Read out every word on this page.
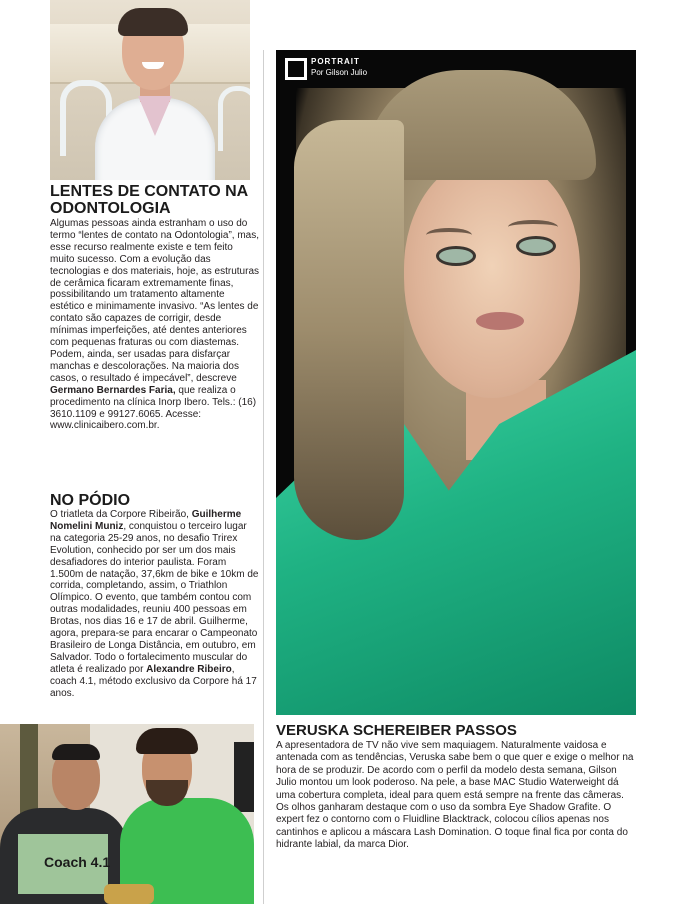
LENTES DE CONTATO NA ODONTOLOGIA

Algumas pessoas ainda estranham o uso do termo “lentes de contato na Odontologia”, mas, esse recurso realmente existe e tem feito muito sucesso. Com a evolução das tecnologias e dos materiais, hoje, as estruturas de cerâmica ficaram extremamente finas, possibilitando um tratamento altamente estético e minimamente invasivo. “As lentes de contato são capazes de corrigir, desde mínimas imperfeições, até dentes anteriores com pequenas fraturas ou com diastemas. Podem, ainda, ser usadas para disfarçar manchas e descolorações. Na maioria dos casos, o resultado é impecável”, descreve Germano Bernardes Faria, que realiza o procedimento na clínica Inorp Ibero. Tels.: (16) 3610.1109 e 99127.6065. Acesse: www.clinicaibero.com.br.

NO PÓDIO

O triatleta da Corpore Ribeirão, Guilherme Nomelini Muniz, conquistou o terceiro lugar na categoria 25-29 anos, no desafio Trirex Evolution, conhecido por ser um dos mais desafiadores do interior paulista. Foram 1.500m de natação, 37,6km de bike e 10km de corrida, completando, assim, o Triathlon Olímpico. O evento, que também contou com outras modalidades, reuniu 400 pessoas em Brotas, nos dias 16 e 17 de abril. Guilherme, agora, prepara-se para encarar o Campeonato Brasileiro de Longa Distância, em outubro, em Salvador. Todo o fortalecimento muscular do atleta é realizado por Alexandre Ribeiro, coach 4.1, método exclusivo da Corpore há 17 anos.

Coach 4.1
PORTRAIT
Por Gilson Julio
VERUSKA SCHEREIBER PASSOS

A apresentadora de TV não vive sem maquiagem. Naturalmente vaidosa e antenada com as tendências, Veruska sabe bem o que quer e exige o melhor na hora de se produzir. De acordo com o perfil da modelo desta semana, Gilson Julio montou um look poderoso. Na pele, a base MAC Studio Waterweight dá uma cobertura completa, ideal para quem está sempre na frente das câmeras. Os olhos ganharam destaque com o uso da sombra Eye Shadow Grafite. O expert fez o contorno com o Fluidline Blacktrack, colocou cílios apenas nos cantinhos e aplicou a máscara Lash Domination. O toque final fica por conta do hidrante labial, da marca Dior.
